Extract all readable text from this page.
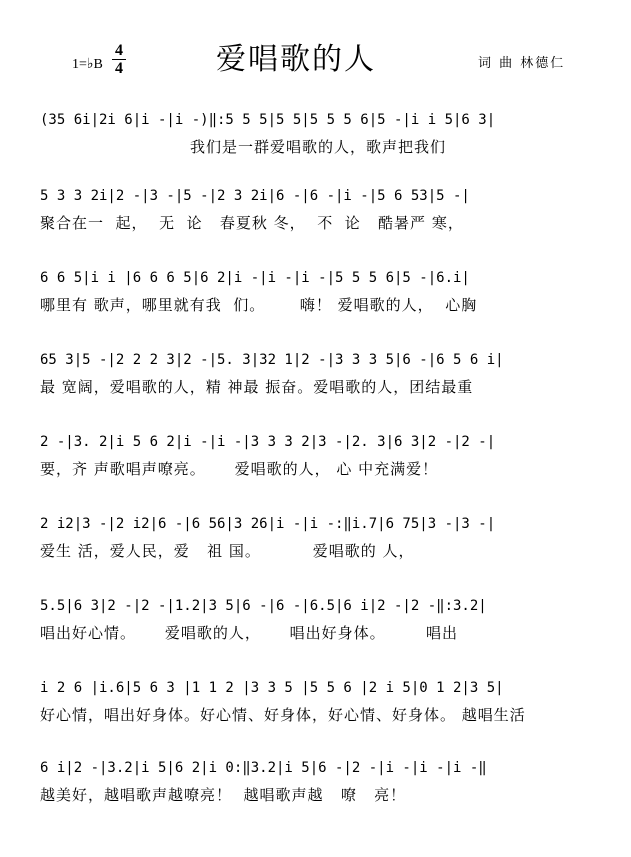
1=♭B
4
4	爱唱歌的人	词 曲 林德仁
(35 6i|2i 6|i -|i -)‖:5 5 5|5 5|5 5 5 6|5 -|i i 5|6 3|
我们是一群爱唱歌的人，歌声把我们
5 3 3 2i|2 -|3 -|5 -|2 3 2i|6 -|6 -|i -|5 6 53|5 -|
聚合在一  起，  无  论   春夏秋 冬，  不  论   酷暑严 寒，
6 6 5|i i |6 6 6 5|6 2|i -|i -|i -|5 5 5 6|5 -|6.i|
哪里有 歌声，哪里就有我  们。      嗨！ 爱唱歌的人，  心胸
65 3|5 -|2 2 2 3|2 -|5. 3|32 1|2 -|3 3 3 5|6 -|6 5 6 i|
最 宽阔，爱唱歌的人，精 神最 振奋。爱唱歌的人，团结最重
2 -|3. 2|i 5 6 2|i -|i -|3 3 3 2|3 -|2. 3|6 3|2 -|2 -|
要，齐 声歌唱声嘹亮。     爱唱歌的人， 心 中充满爱！
2 i2|3 -|2 i2|6 -|6 56|3 26|i -|i -:‖i.7|6 75|3 -|3 -|
爱生 活，爱人民，爱   祖 国。         爱唱歌的 人，
5.5|6 3|2 -|2 -|1.2|3 5|6 -|6 -|6.5|6 i|2 -|2 -‖:3.2|
唱出好心情。     爱唱歌的人，     唱出好身体。       唱出
i 2 6 |i.6|5 6 3 |1 1 2 |3 3 5 |5 5 6 |2 i 5|0 1 2|3 5|
好心情，唱出好身体。好心情、好身体，好心情、好身体。 越唱生活
6 i|2 -|3.2|i 5|6 2|i 0:‖3.2|i 5|6 -|2 -|i -|i -|i -‖
越美好，越唱歌声越嘹亮！  越唱歌声越   嘹   亮！
